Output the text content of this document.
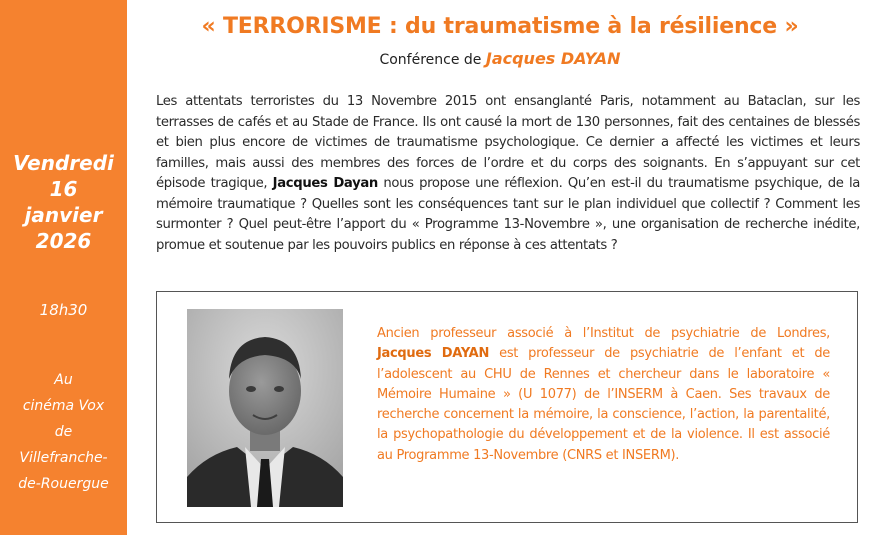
Vendredi
16
janvier
2026
18h30
Au
cinéma Vox
de
Villefranche-
de-Rouergue
« TERRORISME : du traumatisme à la résilience »
Conférence de Jacques DAYAN

Les attentats terroristes du 13 Novembre 2015 ont ensanglanté Paris, notamment au Bataclan, sur les terrasses de cafés et au Stade de France. Ils ont causé la mort de 130 personnes, fait des centaines de blessés et bien plus encore de victimes de traumatisme psychologique. Ce dernier a affecté les victimes et leurs familles, mais aussi des membres des forces de l’ordre et du corps des soignants. En s’appuyant sur cet épisode tragique, Jacques Dayan nous propose une réflexion. Qu’en est-il du traumatisme psychique, de la mémoire traumatique ? Quelles sont les conséquences tant sur le plan individuel que collectif ? Comment les surmonter ? Quel peut-être l’apport du « Programme 13-Novembre », une organisation de recherche inédite, promue et soutenue par les pouvoirs publics en réponse à ces attentats ?

Ancien professeur associé à l’Institut de psychiatrie de Londres, Jacques DAYAN est professeur de psychiatrie de l’enfant et de l’adolescent au CHU de Rennes et chercheur dans le laboratoire « Mémoire Humaine » (U 1077) de l’INSERM à Caen. Ses travaux de recherche concernent la mémoire, la conscience, l’action, la parentalité, la psychopathologie du développement et de la violence. Il est associé au Programme 13-Novembre (CNRS et INSERM).
